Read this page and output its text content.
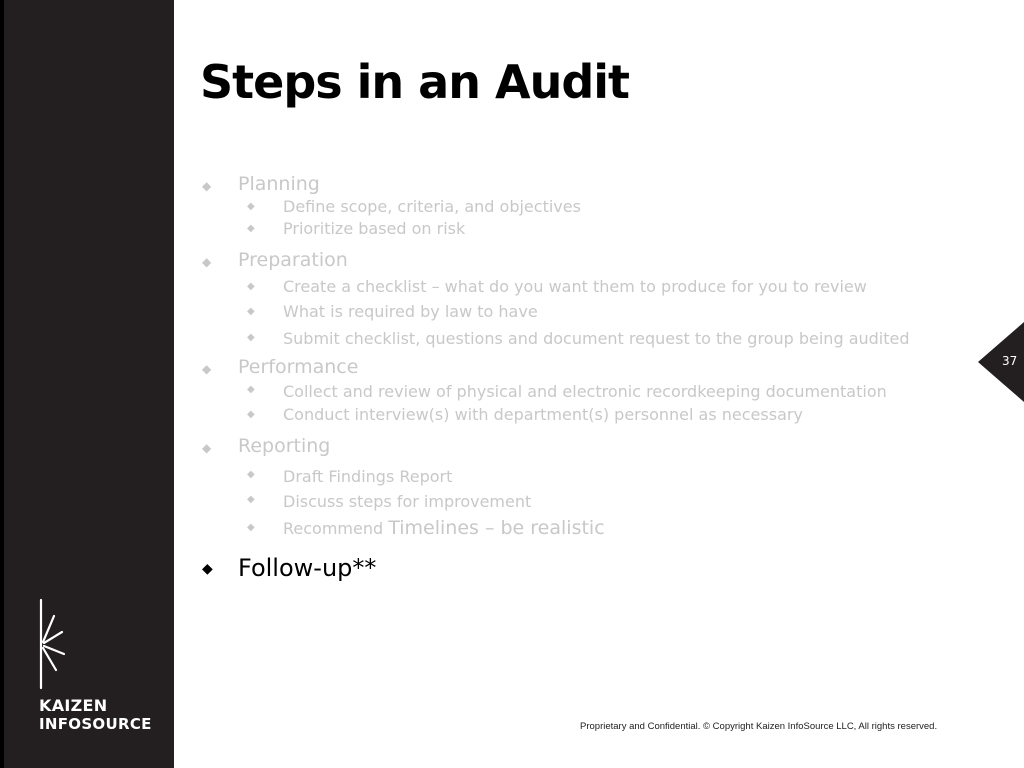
KAIZEN
INFOSOURCE
Steps in an Audit
◆ Planning
◆ Define scope, criteria, and objectives
◆ Prioritize based on risk
◆ Preparation
◆ Create a checklist – what do you want them to produce for you to review
◆ What is required by law to have
◆ Submit checklist, questions and document request to the group being audited
◆ Performance
◆ Collect and review of physical and electronic recordkeeping documentation
◆ Conduct interview(s) with department(s) personnel as necessary
◆ Reporting
◆ Draft Findings Report
◆ Discuss steps for improvement
◆ Recommend Timelines – be realistic
◆ Follow-up**
37
Proprietary and Confidential. © Copyright Kaizen InfoSource LLC, All rights reserved.
